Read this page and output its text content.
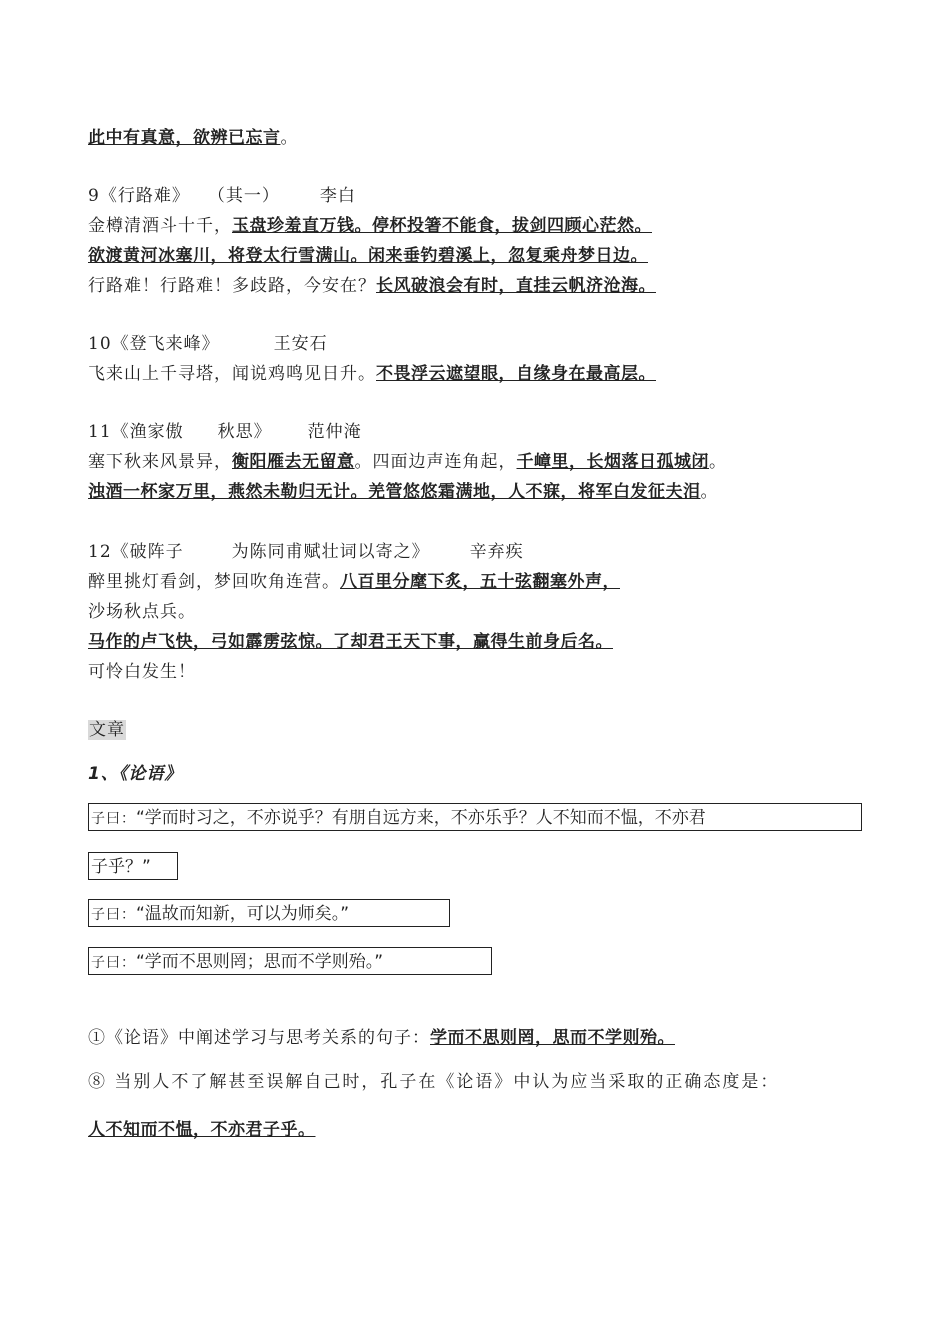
此中有真意，欲辨已忘言。
9《行路难》 （其一） 李白
金樽清酒斗十千，玉盘珍羞直万钱。停杯投箸不能食，拔剑四顾心茫然。
欲渡黄河冰塞川，将登太行雪满山。闲来垂钓碧溪上，忽复乘舟梦日边。
行路难！行路难！多歧路，今安在？长风破浪会有时，直挂云帆济沧海。
10《登飞来峰》	王安石
飞来山上千寻塔，闻说鸡鸣见日升。不畏浮云遮望眼，自缘身在最高层。
11《渔家傲 秋思》 范仲淹
塞下秋来风景异，衡阳雁去无留意。四面边声连角起，千嶂里，长烟落日孤城闭。
浊酒一杯家万里，燕然未勒归无计。羌管悠悠霜满地，人不寐，将军白发征夫泪。
12《破阵子	为陈同甫赋壮词以寄之》 辛弃疾
醉里挑灯看剑，梦回吹角连营。八百里分麾下炙，五十弦翻塞外声，
沙场秋点兵。
马作的卢飞快，弓如霹雳弦惊。了却君王天下事，赢得生前身后名。
可怜白发生！
文章
1、《论语》
子曰：“学而时习之，不亦说乎？有朋自远方来，不亦乐乎？人不知而不愠，不亦君
子乎？”
子曰：“温故而知新，可以为师矣。”
子曰：“学而不思则罔；思而不学则殆。”
①《论语》中阐述学习与思考关系的句子：学而不思则罔，思而不学则殆。
⑧ 当别人不了解甚至误解自己时，孔子在《论语》中认为应当采取的正确态度是：
人不知而不愠，不亦君子乎。
